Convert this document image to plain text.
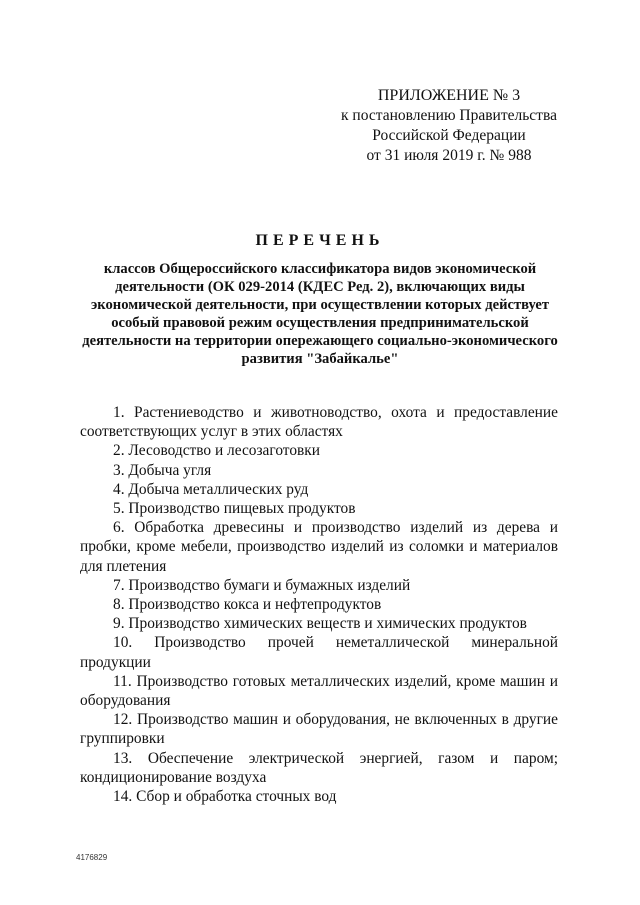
ПРИЛОЖЕНИЕ № 3
к постановлению Правительства
Российской Федерации
от 31 июля 2019 г. № 988
ПЕРЕЧЕНЬ
классов Общероссийского классификатора видов экономической деятельности (ОК 029-2014 (КДЕС Ред. 2), включающих виды экономической деятельности, при осуществлении которых действует особый правовой режим осуществления предпринимательской деятельности на территории опережающего социально-экономического развития "Забайкалье"
1. Растениеводство и животноводство, охота и предоставление соответствующих услуг в этих областях
2. Лесоводство и лесозаготовки
3. Добыча угля
4. Добыча металлических руд
5. Производство пищевых продуктов
6. Обработка древесины и производство изделий из дерева и пробки, кроме мебели, производство изделий из соломки и материалов для плетения
7. Производство бумаги и бумажных изделий
8. Производство кокса и нефтепродуктов
9. Производство химических веществ и химических продуктов
10. Производство прочей неметаллической минеральной продукции
11. Производство готовых металлических изделий, кроме машин и оборудования
12. Производство машин и оборудования, не включенных в другие группировки
13. Обеспечение электрической энергией, газом и паром; кондиционирование воздуха
14. Сбор и обработка сточных вод
4176829
